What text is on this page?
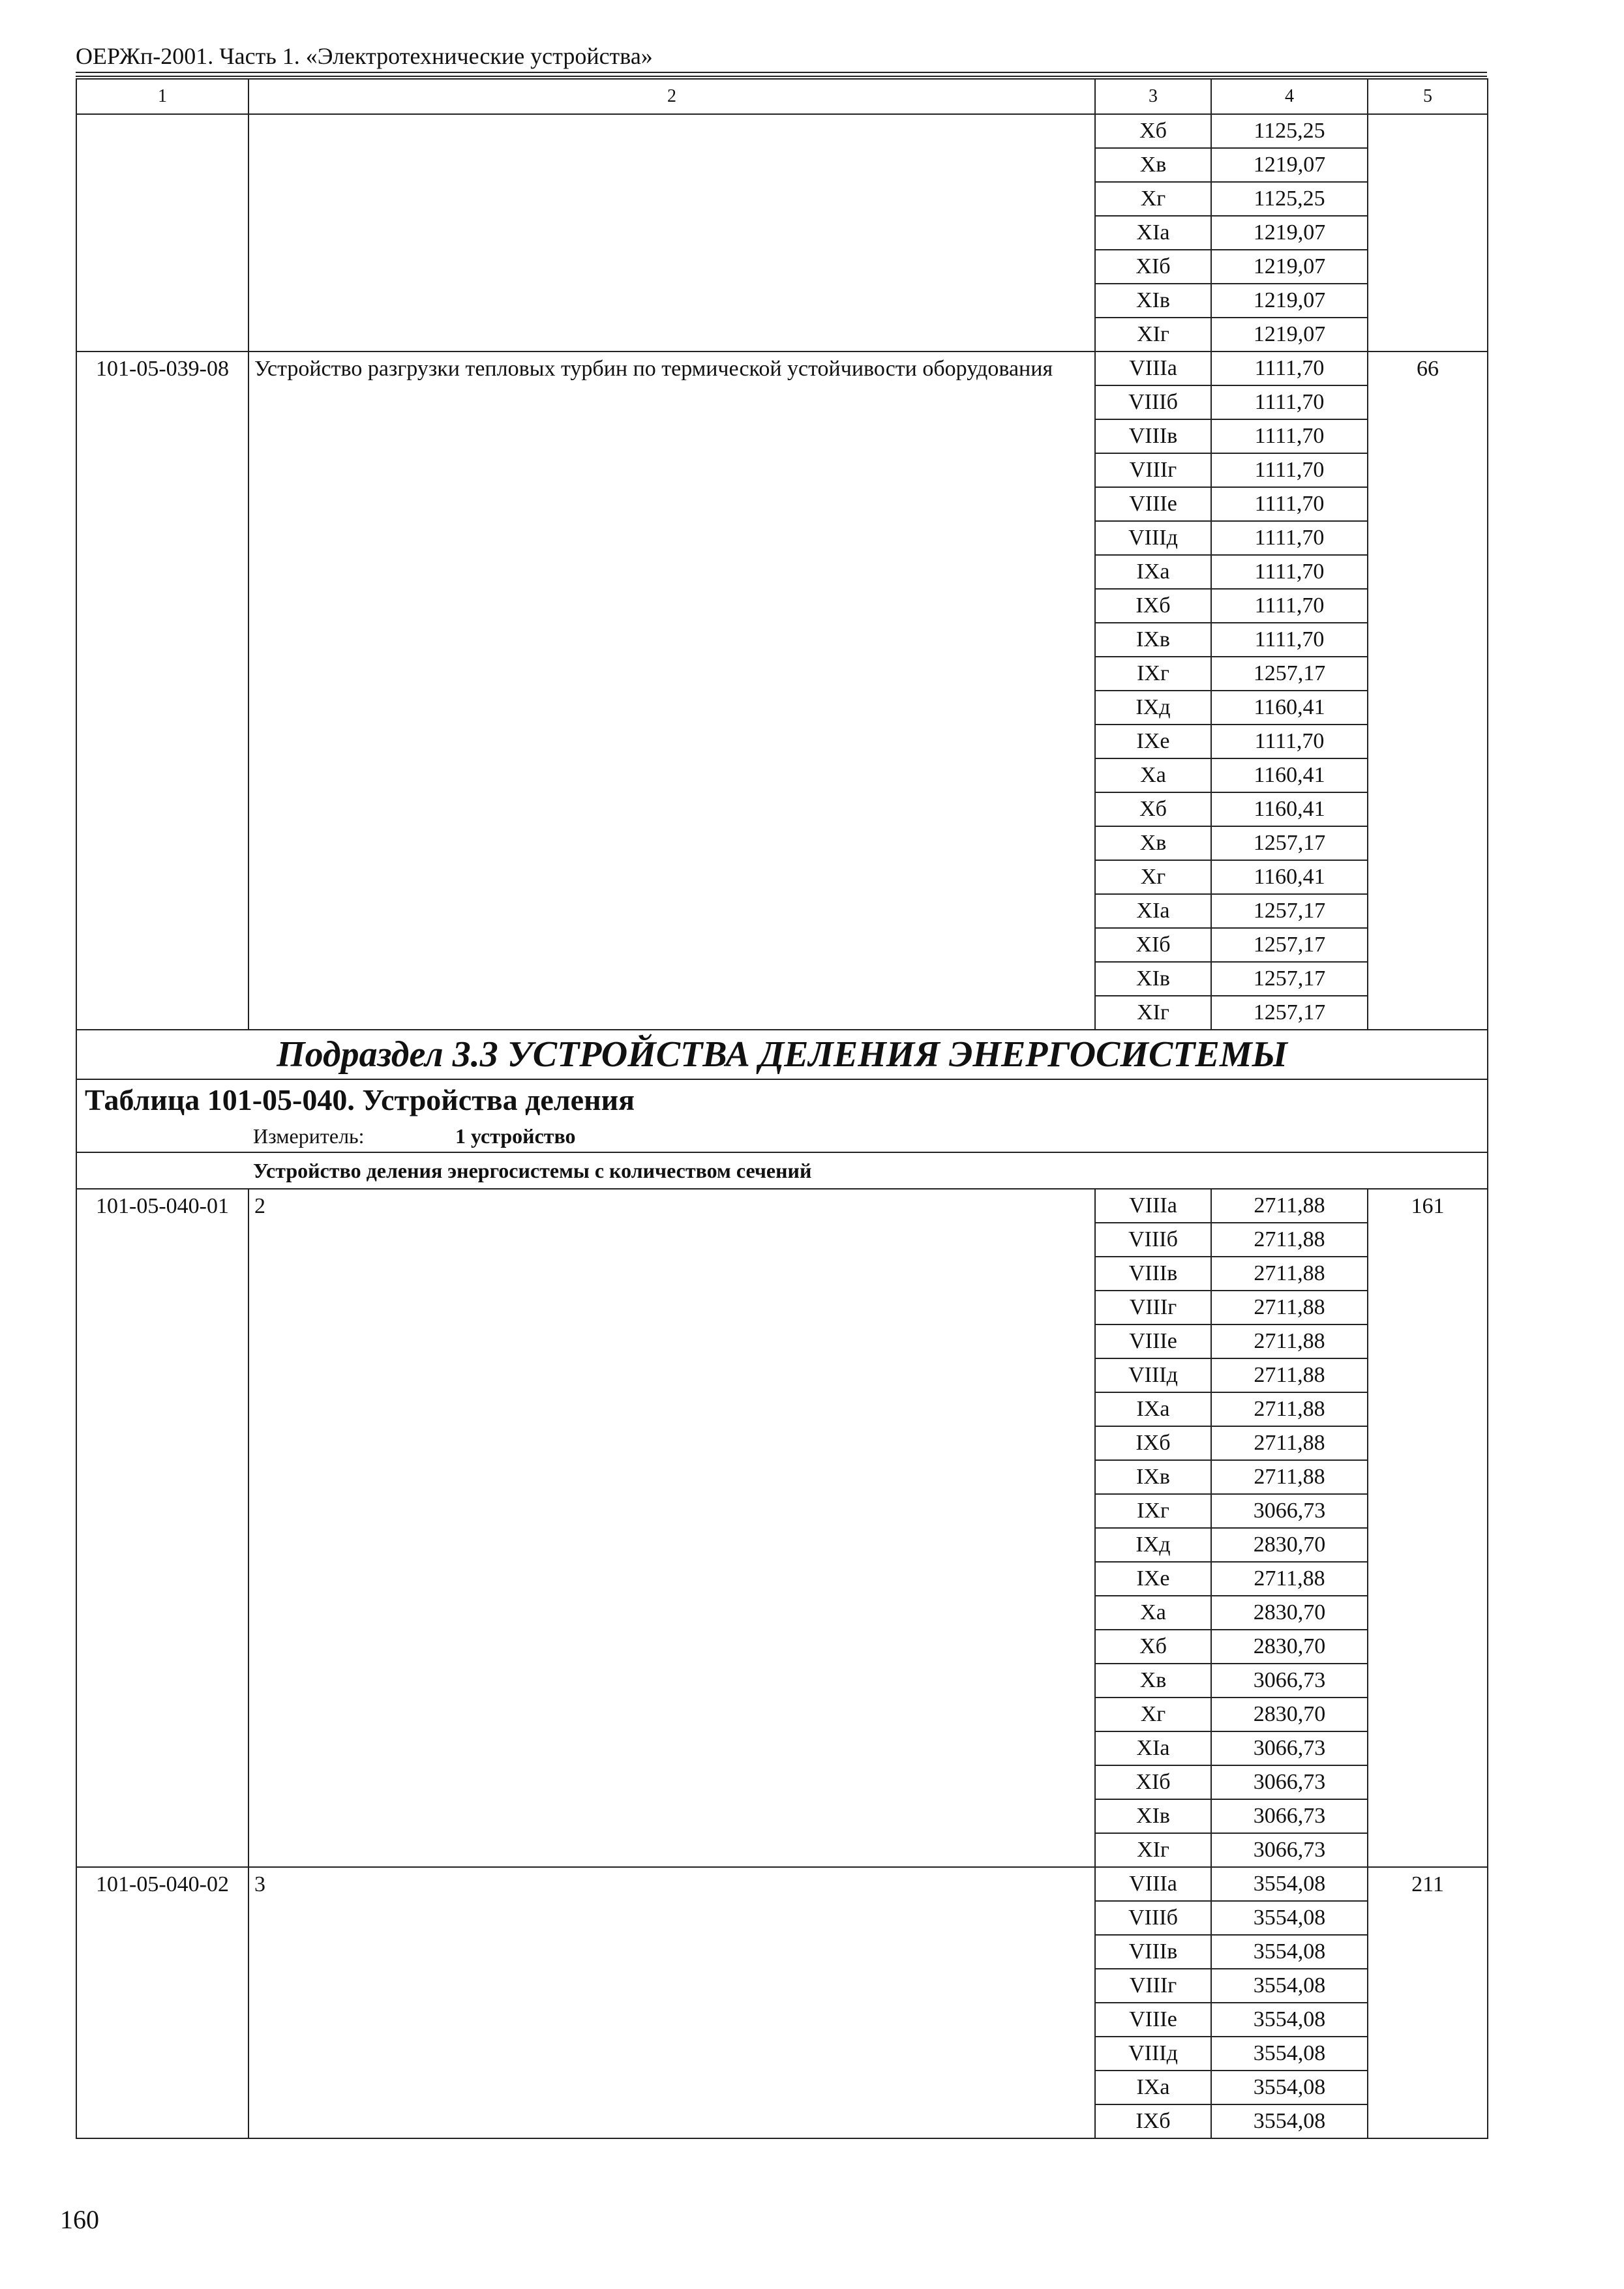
ОЕРЖп-2001. Часть 1. «Электротехнические устройства»
1	2	3	4	5
		Xб	1125,25	
		Xв	1219,07	
		Xг	1125,25	
		XIa	1219,07	
		XIб	1219,07	
		XIв	1219,07	
		XIг	1219,07	
101-05-039-08	Устройство разгрузки тепловых турбин по термической устойчивости оборудования	VIIIa	1111,70	66
		VIIIб	1111,70	
		VIIIв	1111,70	
		VIIIг	1111,70	
		VIIIe	1111,70	
		VIIIд	1111,70	
		IXa	1111,70	
		IXб	1111,70	
		IXв	1111,70	
		IXг	1257,17	
		IXд	1160,41	
		IXe	1111,70	
		Xa	1160,41	
		Xб	1160,41	
		Xв	1257,17	
		Xг	1160,41	
		XIa	1257,17	
		XIб	1257,17	
		XIв	1257,17	
		XIг	1257,17	
Подраздел 3.3 УСТРОЙСТВА ДЕЛЕНИЯ ЭНЕРГОСИСТЕМЫ				
Таблица 101-05-040. Устройства деления				
Измеритель: 1 устройство				
Устройство деления энергосистемы с количеством сечений				
101-05-040-01	2	VIIIa	2711,88	161
		VIIIб	2711,88	
		VIIIв	2711,88	
		VIIIг	2711,88	
		VIIIe	2711,88	
		VIIIд	2711,88	
		IXa	2711,88	
		IXб	2711,88	
		IXв	2711,88	
		IXг	3066,73	
		IXд	2830,70	
		IXe	2711,88	
		Xa	2830,70	
		Xб	2830,70	
		Xв	3066,73	
		Xг	2830,70	
		XIa	3066,73	
		XIб	3066,73	
		XIв	3066,73	
		XIг	3066,73	
101-05-040-02	3	VIIIa	3554,08	211
		VIIIб	3554,08	
		VIIIв	3554,08	
		VIIIг	3554,08	
		VIIIe	3554,08	
		VIIIд	3554,08	
		IXa	3554,08	
		IXб	3554,08	
160
